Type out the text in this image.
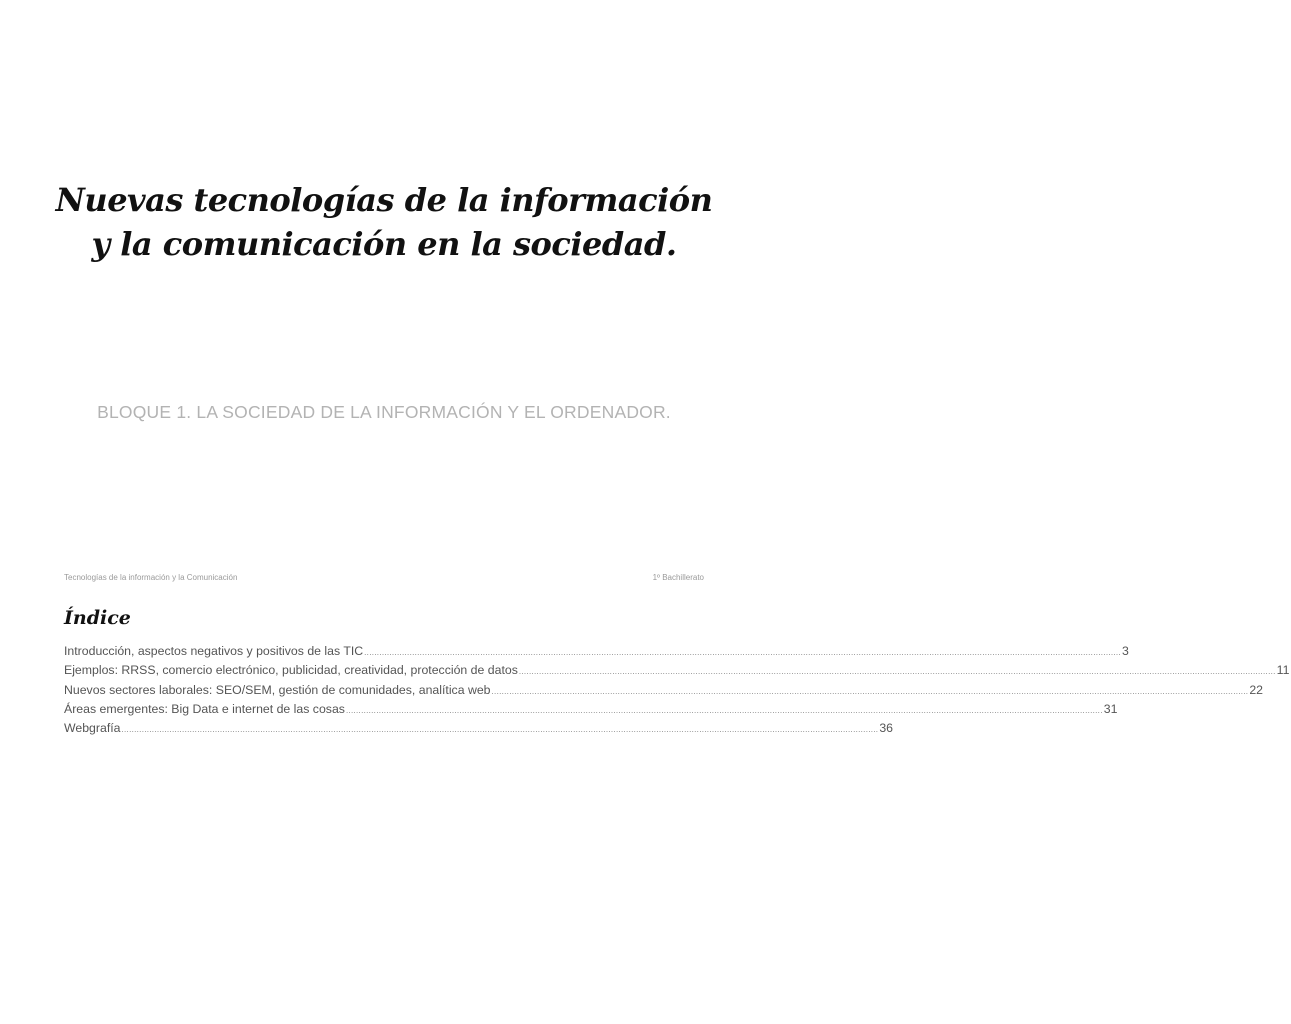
Nuevas tecnologías de la información
y la comunicación en la sociedad.
BLOQUE 1. LA SOCIEDAD DE LA INFORMACIÓN Y EL ORDENADOR.
Tecnologías de la información y la Comunicación	1º Bachillerato
Índice
Introducción, aspectos negativos y positivos de las TIC ............................................................................................................................................................................................................................................................................................................ 3
Ejemplos: RRSS, comercio electrónico, publicidad, creatividad, protección de datos ............................................................................................................................................................................................................................................................................................................ 11
Nuevos sectores laborales: SEO/SEM, gestión de comunidades, analítica web ............................................................................................................................................................................................................................................................................................................ 22
Áreas emergentes: Big Data e internet de las cosas ............................................................................................................................................................................................................................................................................................................ 31
Webgrafía ............................................................................................................................................................................................................................................................................................................ 36
